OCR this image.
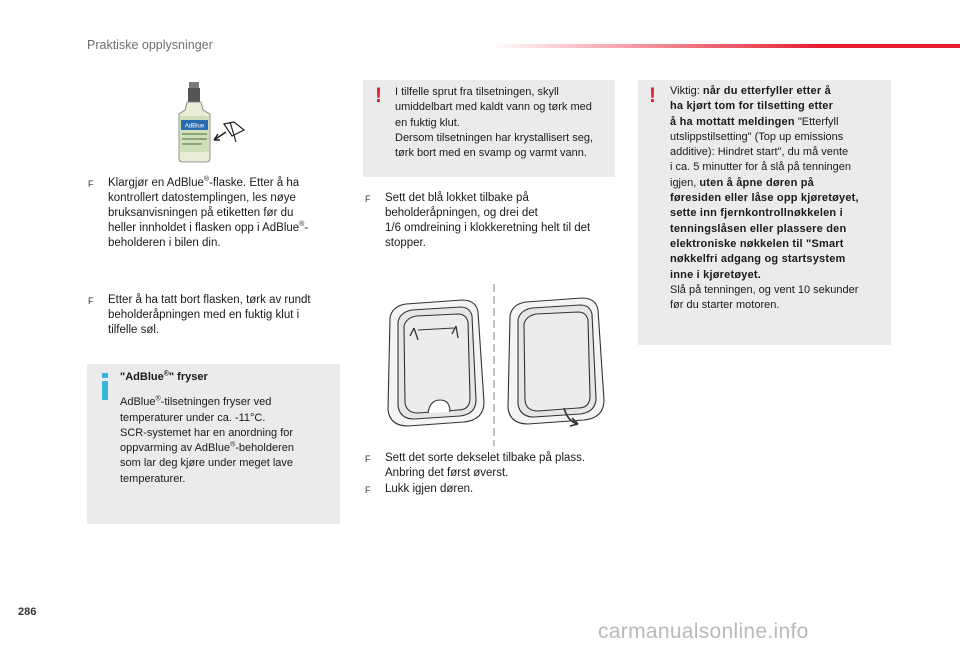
Praktiske opplysninger
AdBlue
F Klargjør en AdBlue®-flaske. Etter å ha
kontrollert datostemplingen, les nøye
bruksanvisningen på etiketten før du
heller innholdet i flasken opp i AdBlue®-
beholderen i bilen din.
F Etter å ha tatt bort flasken, tørk av rundt
beholderåpningen med en fuktig klut i
tilfelle søl.
"AdBlue®" fryser
AdBlue®-tilsetningen fryser ved
temperaturer under ca. -11°C.
SCR-systemet har en anordning for
oppvarming av AdBlue®-beholderen
som lar deg kjøre under meget lave
temperaturer.
! I tilfelle sprut fra tilsetningen, skyll
umiddelbart med kaldt vann og tørk med
en fuktig klut.
Dersom tilsetningen har krystallisert seg,
tørk bort med en svamp og varmt vann.
F Sett det blå lokket tilbake på
beholderåpningen, og drei det
1/6 omdreining i klokkeretning helt til det
stopper.
F Sett det sorte dekselet tilbake på plass.
Anbring det først øverst.
F Lukk igjen døren.
! Viktig: når du etterfyller etter å
ha kjørt tom for tilsetting etter
å ha mottatt meldingen "Etterfyll
utslippstilsetting" (Top up emissions
additive): Hindret start", du må vente
i ca. 5 minutter for å slå på tenningen
igjen, uten å åpne døren på
føresiden eller låse opp kjøretøyet,
sette inn fjernkontrollnøkkelen i
tenningslåsen eller plassere den
elektroniske nøkkelen til "Smart
nøkkelfri adgang og startsystem
inne i kjøretøyet.
Slå på tenningen, og vent 10 sekunder
før du starter motoren.
286
carmanualsonline.info
